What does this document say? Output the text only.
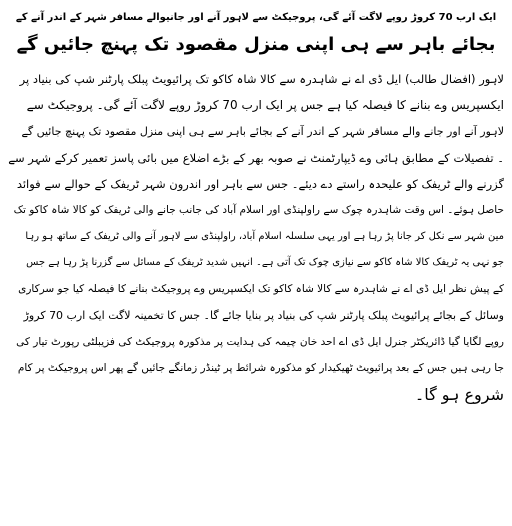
ایک ارب 70 کروڑ روپے لاگت آئے گی، پروجیکٹ سے لاہور آنے اور جانیوالے مسافر شہر کے اندر آنے کے
بجائے باہر سے ہی اپنی منزل مقصود تک پہنچ جائیں گے
لاہور (افضال طالب) ایل ڈی اے نے شاہدرہ سے کالا شاہ کاکو تک پرائیویٹ پبلک پارٹنر شپ کی بنیاد پر
ایکسپریس وے بنانے کا فیصلہ کیا ہے جس پر ایک ارب 70 کروڑ روپے لاگت آئے گی۔ پروجیکٹ سے
لاہور آنے اور جانے والے مسافر شہر کے اندر آنے کے بجائے باہر سے ہی اپنی منزل مقصود تک پہنچ جائیں گے
۔ تفصیلات کے مطابق ہائی وے ڈیپارٹمنٹ نے صوبہ بھر کے بڑے اضلاع میں بائی پاسز تعمیر کرکے شہر سے
گزرنے والے ٹریفک کو علیحدہ راستے دے دیئے۔ جس سے باہر اور اندرون شہر ٹریفک کے حوالے سے فوائد
حاصل ہوئے۔ اس وقت شاہدرہ چوک سے راولپنڈی اور اسلام آباد کی جانب جانے والی ٹریفک کو کالا شاہ کاکو تک
مین شہر سے نکل کر جانا پڑ رہا ہے اور یہی سلسلہ اسلام آباد، راولپنڈی سے لاہور آنے والی ٹریفک کے ساتھ ہو رہا
جو نہی یہ ٹریفک کالا شاہ کاکو سے نیازی چوک تک آتی ہے۔ انہیں شدید ٹریفک کے مسائل سے گزرنا پڑ رہا ہے جس
کے پیش نظر ایل ڈی اے نے شاہدرہ سے کالا شاہ کاکو تک ایکسپریس وے پروجیکٹ بنانے کا فیصلہ کیا جو سرکاری
وسائل کے بجائے پرائیویٹ پبلک پارٹنر شپ کی بنیاد پر بنایا جائے گا۔ جس کا تخمینہ لاگت ایک ارب 70 کروڑ
روپے لگایا گیا ڈائریکٹر جنرل ایل ڈی اے احد خان چیمہ کی ہدایت پر مذکورہ پروجیکٹ کی فزیبلٹی رپورٹ تیار کی
جا رہی ہیں جس کے بعد پرائیویٹ ٹھیکیدار کو مذکورہ شرائط پر ٹینڈر زمانگے جائیں گے پھر اس پروجیکٹ پر کام
شروع ہو گا۔
